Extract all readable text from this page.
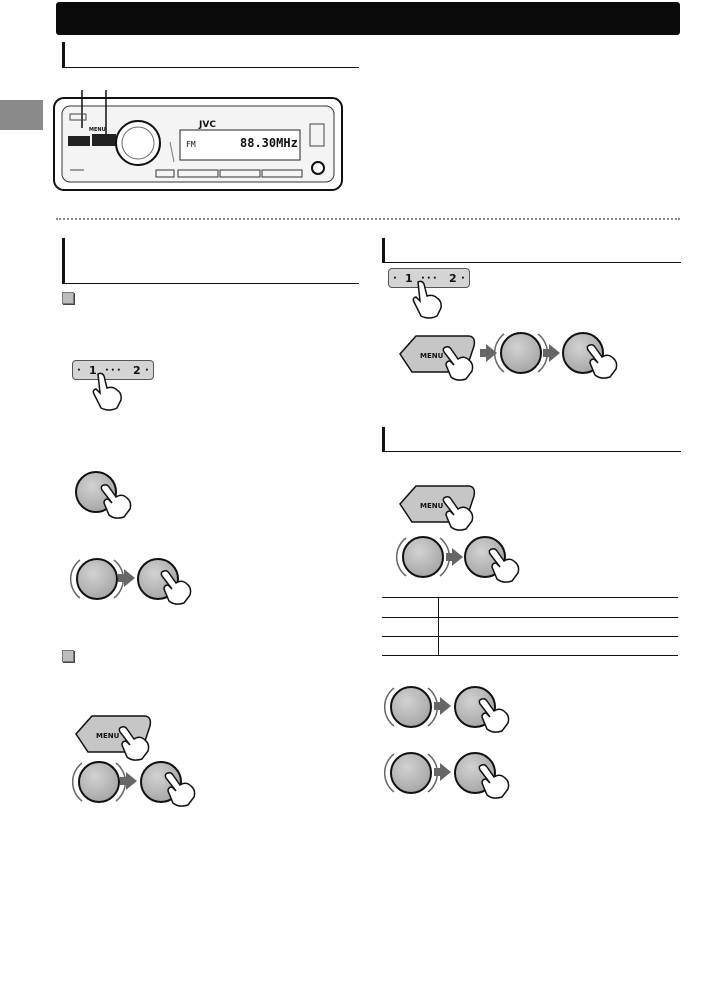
JVC
MENU
FM	88.30MHz
• 1 • • • 2 •
MENU
• 1 • • • 2 •
MENU
MENU
